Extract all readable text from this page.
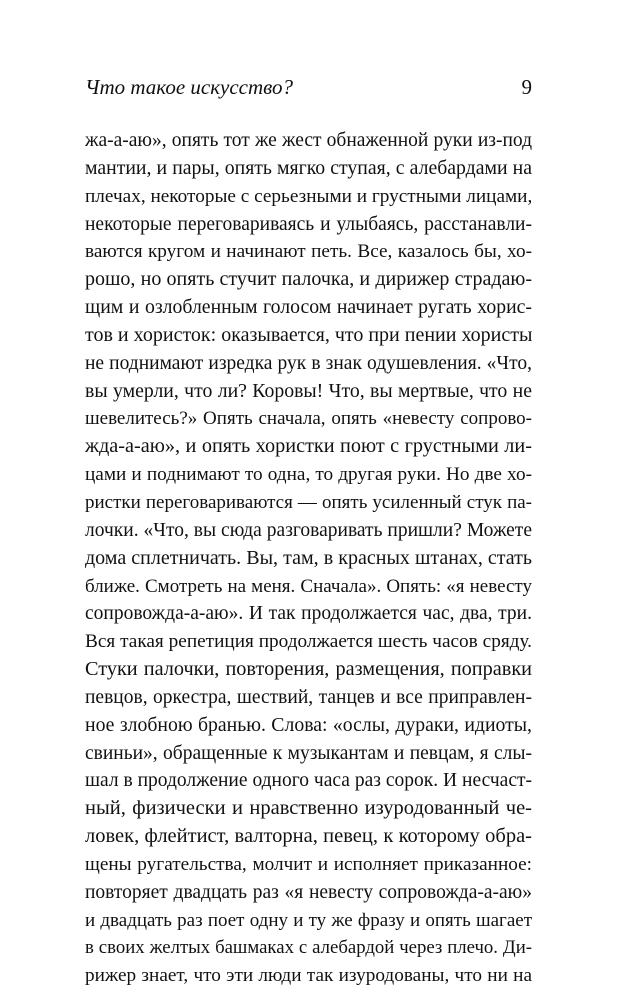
Что такое искусство?	9
жа-а-аю», опять тот же жест обнаженной руки из-под
мантии, и пары, опять мягко ступая, с алебардами на
плечах, некоторые с серьезными и грустными лицами,
некоторые переговариваясь и улыбаясь, расстанавли-
ваются кругом и начинают петь. Все, казалось бы, хо-
рошо, но опять стучит палочка, и дирижер страдаю-
щим и озлобленным голосом начинает ругать хорис-
тов и хористок: оказывается, что при пении хористы
не поднимают изредка рук в знак одушевления. «Что,
вы умерли, что ли? Коровы! Что, вы мертвые, что не
шевелитесь?» Опять сначала, опять «невесту сопрово-
жда-а-аю», и опять хористки поют с грустными ли-
цами и поднимают то одна, то другая руки. Но две хо-
ристки переговариваются — опять усиленный стук па-
лочки. «Что, вы сюда разговаривать пришли? Можете
дома сплетничать. Вы, там, в красных штанах, стать
ближе. Смотреть на меня. Сначала». Опять: «я невесту
сопровожда-а-аю». И так продолжается час, два, три.
Вся такая репетиция продолжается шесть часов сряду.
Стуки палочки, повторения, размещения, поправки
певцов, оркестра, шествий, танцев и все приправлен-
ное злобною бранью. Слова: «ослы, дураки, идиоты,
свиньи», обращенные к музыкантам и певцам, я слы-
шал в продолжение одного часа раз сорок. И несчаст-
ный, физически и нравственно изуродованный че-
ловек, флейтист, валторна, певец, к которому обра-
щены ругательства, молчит и исполняет приказанное:
повторяет двадцать раз «я невесту сопровожда-а-аю»
и двадцать раз поет одну и ту же фразу и опять шагает
в своих желтых башмаках с алебардой через плечо. Ди-
рижер знает, что эти люди так изуродованы, что ни на
